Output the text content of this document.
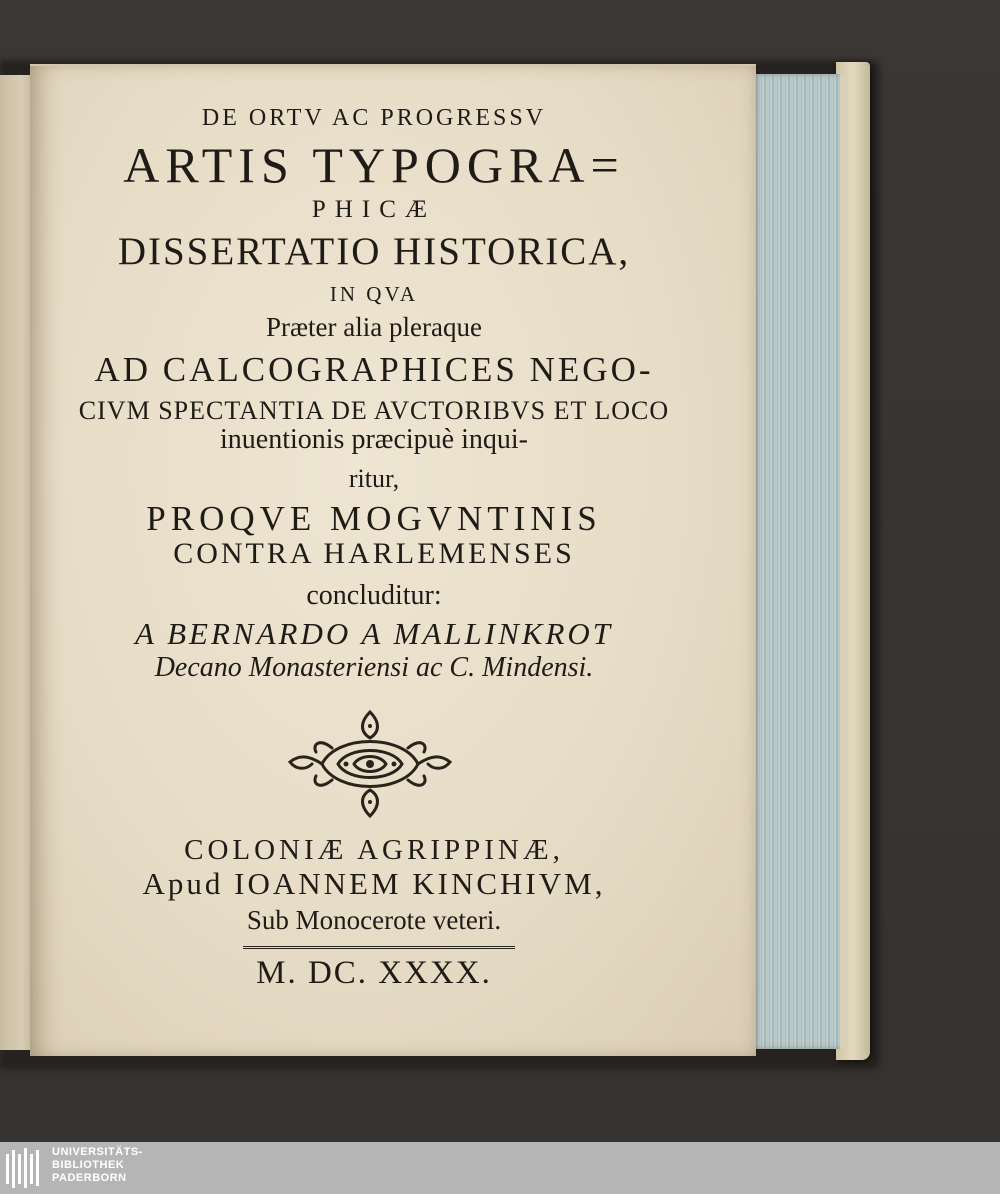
DE ORTV AC PROGRESSV
ARTIS TYPOGRA=
PHICÆ
DISSERTATIO HISTORICA,
IN QVA
Præter alia pleraque
AD CALCOGRAPHICES NEGO-
CIVM SPECTANTIA DE AVCTORIBVS ET LOCO
inuentionis præcipuè inqui-
ritur,
PROQVE MOGVNTINIS
CONTRA HARLEMENSES
concluditur:
A BERNARDO A MALLINKROT
Decano Monasteriensi ac C. Mindensi.
COLONIÆ AGRIPPINÆ,
Apud IOANNEM KINCHIVM,
Sub Monocerote veteri.
M. DC. XXXX.
UNIVERSITÄTS-
BIBLIOTHEK
PADERBORN
